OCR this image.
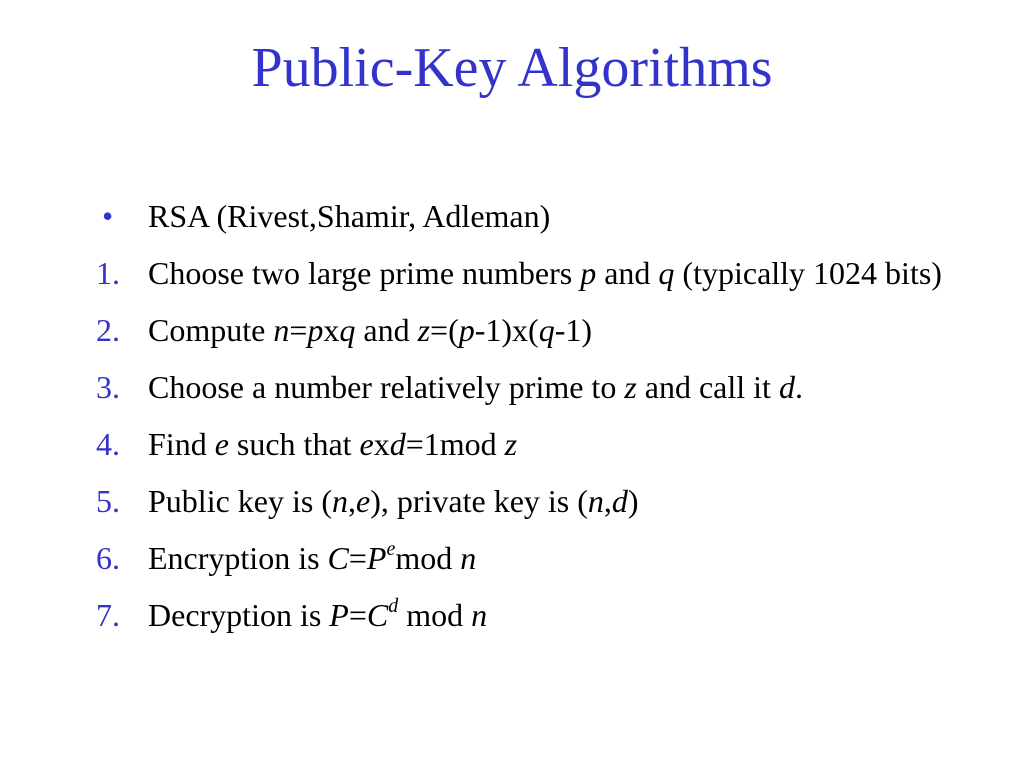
Public-Key Algorithms
• RSA (Rivest,Shamir, Adleman)
1. Choose two large prime numbers p and q (typically 1024 bits)
2. Compute n=pxq and z=(p-1)x(q-1)
3. Choose a number relatively prime to z and call it d.
4. Find e such that exd=1mod z
5. Public key is (n,e), private key is (n,d)
6. Encryption is $C=P^emod$ n
7. Decryption is $P=C^d$ mod n
